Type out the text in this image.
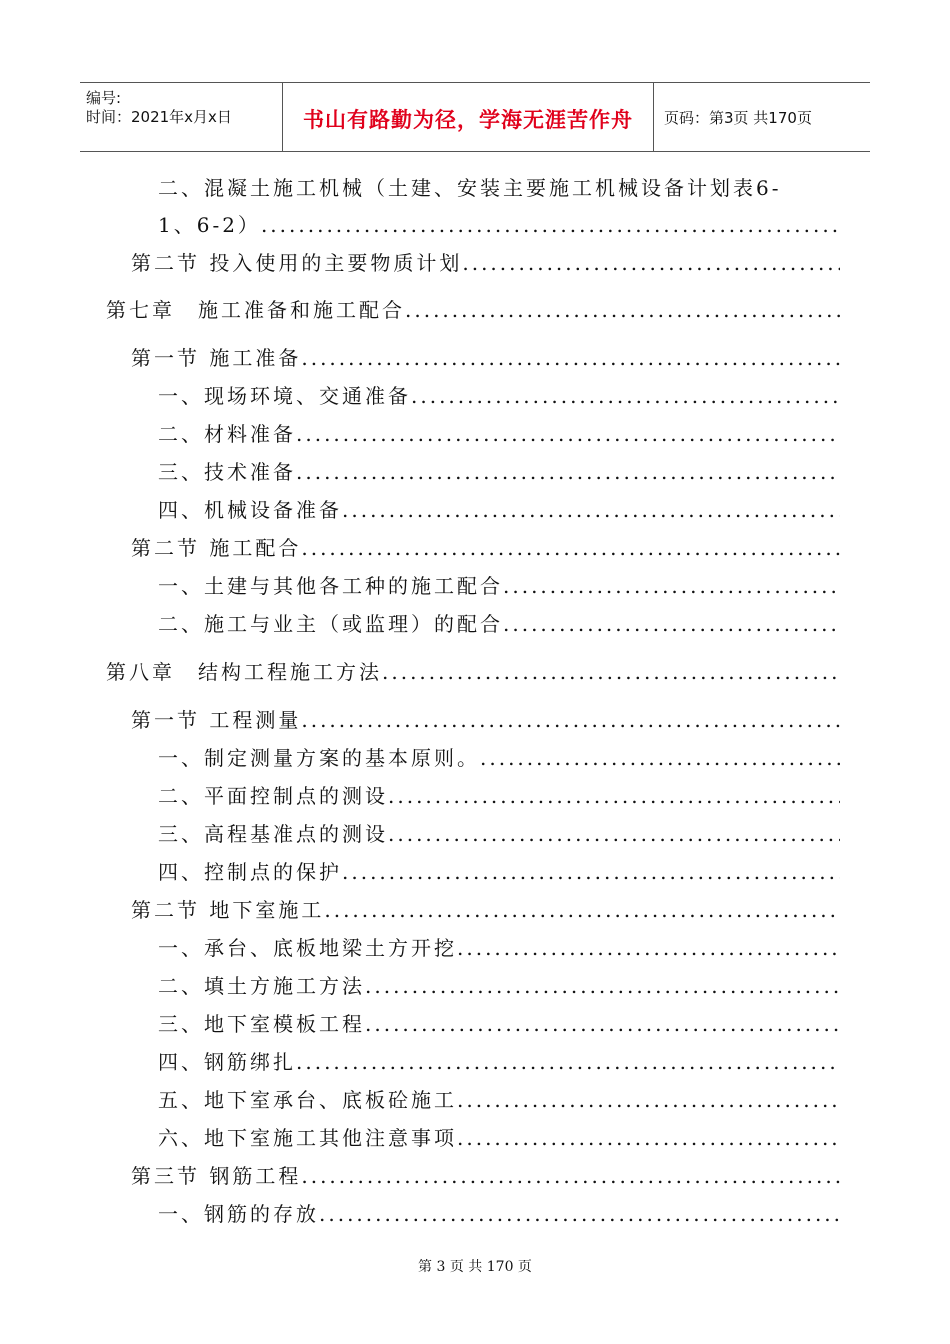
编号:
时间：2021年x月x日	书山有路勤为径，学海无涯苦作舟	页码：第3页 共170页
二、混凝土施工机械（土建、安装主要施工机械设备计划表6-
1、6-2）
.....
第二节 投入使用的主要物质计划
.....
第七章　施工准备和施工配合
.....
第一节 施工准备
.....
一、现场环境、交通准备
.....
二、材料准备
.....
三、技术准备
.....
四、机械设备准备
.....
第二节 施工配合
.....
一、土建与其他各工种的施工配合
.....
二、施工与业主（或监理）的配合
.....
第八章　结构工程施工方法
.....
第一节 工程测量
.....
一、制定测量方案的基本原则。
.....
二、平面控制点的测设
.....
三、高程基准点的测设
.....
四、控制点的保护
.....
第二节 地下室施工
.....
一、承台、底板地梁土方开挖
.....
二、填土方施工方法
.....
三、地下室模板工程
.....
四、钢筋绑扎
.....
五、地下室承台、底板砼施工
.....
六、地下室施工其他注意事项
.....
第三节 钢筋工程
.....
一、钢筋的存放
.....
第 3 页 共 170 页
